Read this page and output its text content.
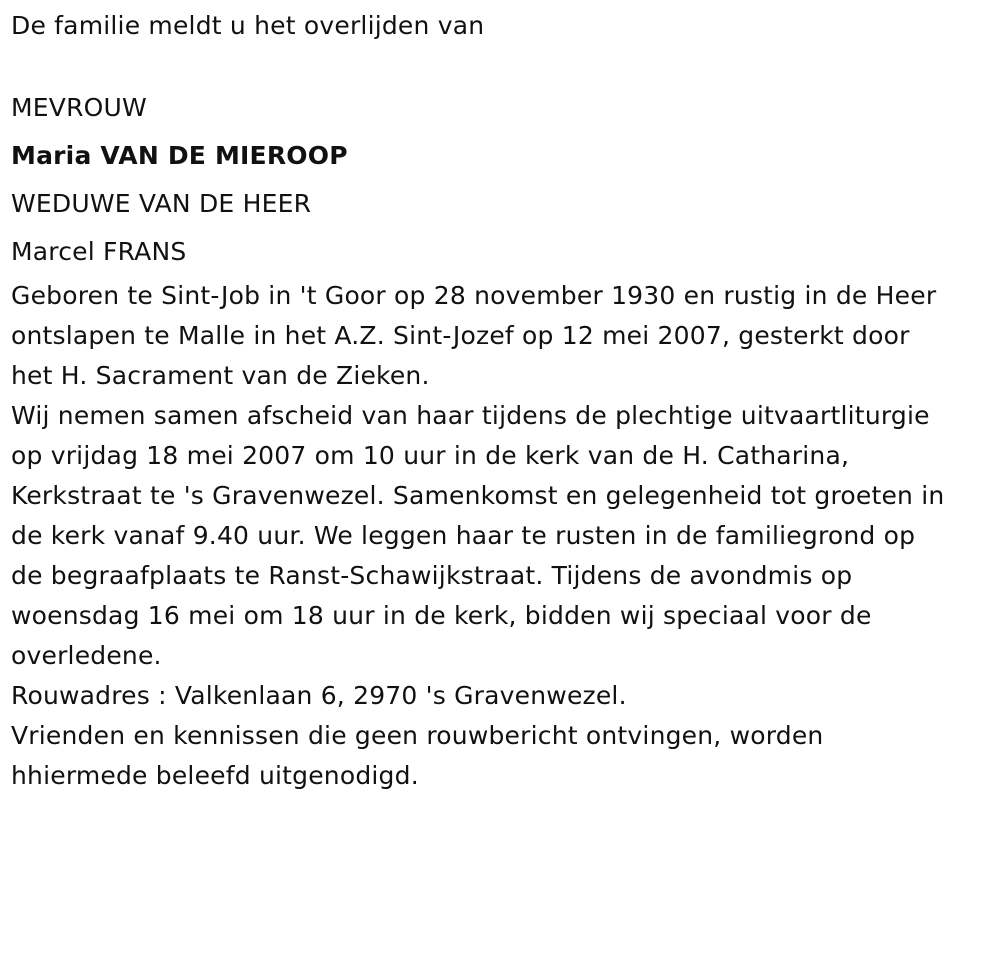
De familie meldt u het overlijden van
MEVROUW
Maria VAN DE MIEROOP
WEDUWE VAN DE HEER
Marcel FRANS
Geboren te Sint-Job in 't Goor op 28 november 1930 en rustig in de Heer
ontslapen te Malle in het A.Z. Sint-Jozef op 12 mei 2007, gesterkt door
het H. Sacrament van de Zieken.
Wij nemen samen afscheid van haar tijdens de plechtige uitvaartliturgie
op vrijdag 18 mei 2007 om 10 uur in de kerk van de H. Catharina,
Kerkstraat te 's Gravenwezel. Samenkomst en gelegenheid tot groeten in
de kerk vanaf 9.40 uur. We leggen haar te rusten in de familiegrond op
de begraafplaats te Ranst-Schawijkstraat. Tijdens de avondmis op
woensdag 16 mei om 18 uur in de kerk, bidden wij speciaal voor de
overledene.
Rouwadres : Valkenlaan 6, 2970 's Gravenwezel.
Vrienden en kennissen die geen rouwbericht ontvingen, worden
hhiermede beleefd uitgenodigd.
